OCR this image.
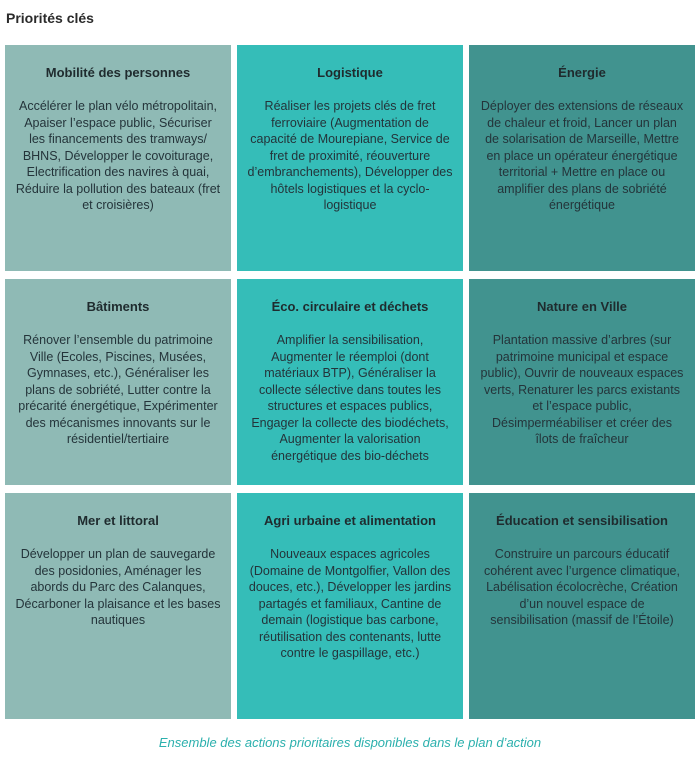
Priorités clés
Mobilité des personnes

Accélérer le plan vélo métropolitain, Apaiser l’espace public, Sécuriser les financements des tramways/ BHNS, Développer le covoiturage, Electrification des navires à quai, Réduire la pollution des bateaux (fret et croisières)

Logistique

Réaliser les projets clés de fret ferroviaire (Augmentation de capacité de Mourepiane, Service de fret de proximité, réouverture d’embranchements), Développer des hôtels logistiques et la cyclo-logistique

Énergie

Déployer des extensions de réseaux de chaleur et froid, Lancer un plan de solarisation de Marseille, Mettre en place un opérateur énergétique territorial + Mettre en place ou amplifier des plans de sobriété énergétique

Bâtiments

Rénover l’ensemble du patrimoine Ville (Ecoles, Piscines, Musées, Gymnases, etc.), Généraliser les plans de sobriété, Lutter contre la précarité énergétique, Expérimenter des mécanismes innovants sur le résidentiel/tertiaire

Éco. circulaire et déchets

Amplifier la sensibilisation, Augmenter le réemploi (dont matériaux BTP), Généraliser la collecte sélective dans toutes les structures et espaces publics, Engager la collecte des biodéchets, Augmenter la valorisation énergétique des bio-déchets

Nature en Ville

Plantation massive d’arbres (sur patrimoine municipal et espace public), Ouvrir de nouveaux espaces verts, Renaturer les parcs existants et l’espace public, Désimperméabiliser et créer des îlots de fraîcheur

Mer et littoral

Développer un plan de sauvegarde des posidonies, Aménager les abords du Parc des Calanques, Décarboner la plaisance et les bases nautiques

Agri urbaine et alimentation

Nouveaux espaces agricoles (Domaine de Montgolfier, Vallon des douces, etc.), Développer les jardins partagés et familiaux, Cantine de demain (logistique bas carbone, réutilisation des contenants, lutte contre le gaspillage, etc.)

Éducation et sensibilisation

Construire un parcours éducatif cohérent avec l’urgence climatique, Labélisation écolocrèche, Création d’un nouvel espace de sensibilisation (massif de l’Étoile)

Ensemble des actions prioritaires disponibles dans le plan d’action
